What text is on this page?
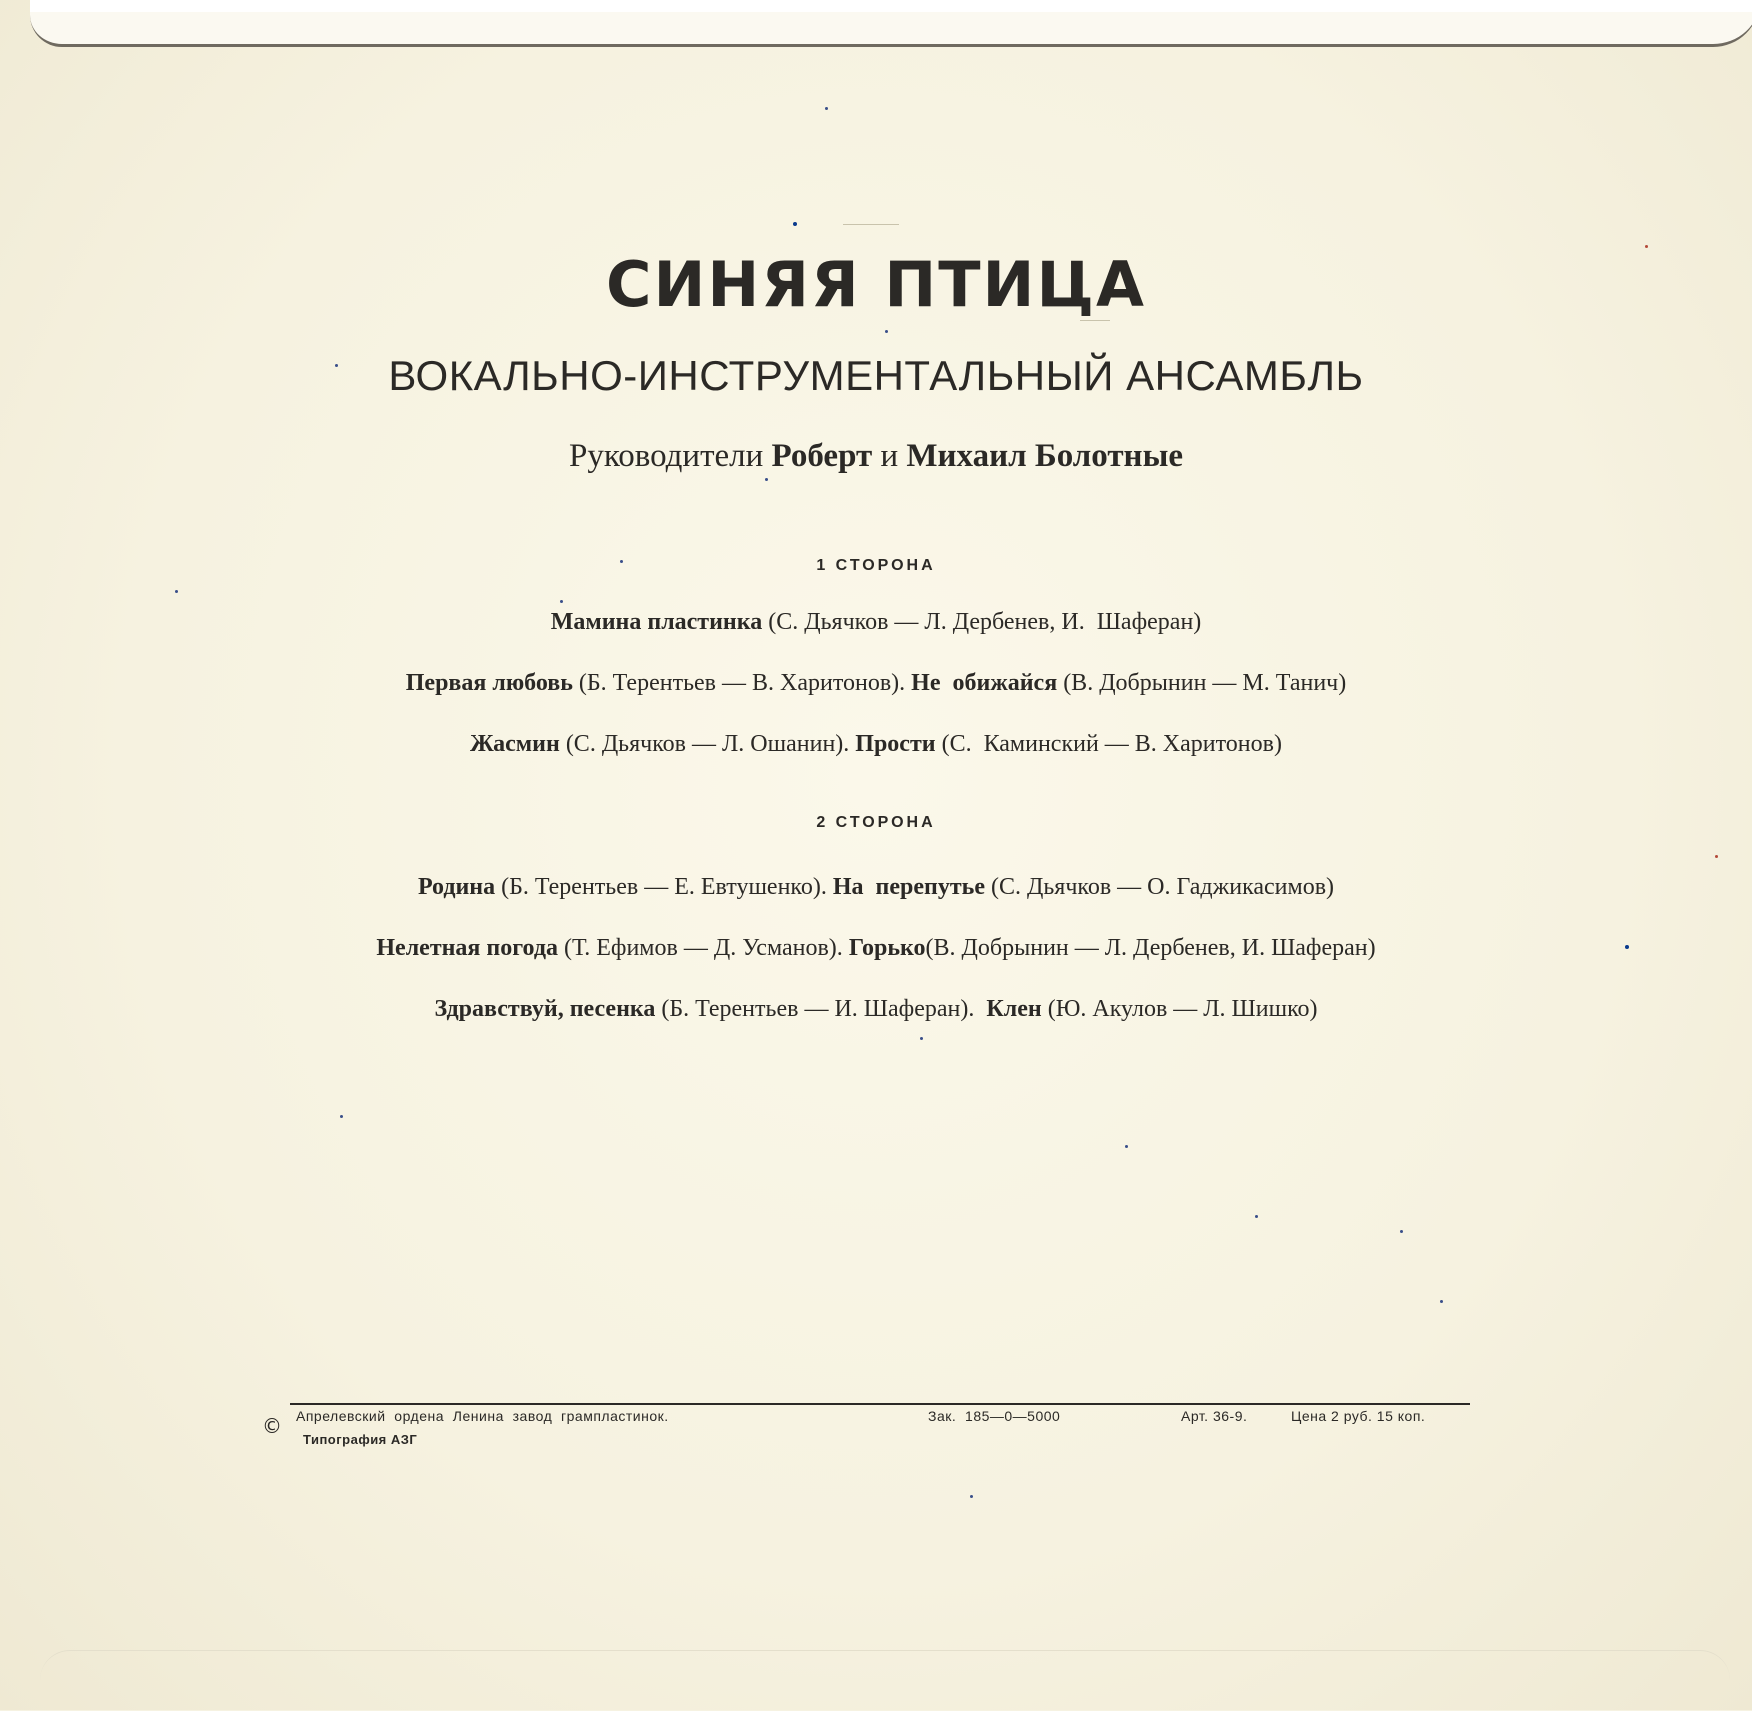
СИНЯЯ ПТИЦА
ВОКАЛЬНО-ИНСТРУМЕНТАЛЬНЫЙ АНСАМБЛЬ
Руководители Роберт и Михаил Болотные
1 СТОРОНА
Мамина пластинка (С. Дьячков — Л. Дербенев, И.  Шаферан)
Первая любовь (Б. Терентьев — В. Харитонов). Не  обижайся (В. Добрынин — М. Танич)
Жасмин (С. Дьячков — Л. Ошанин). Прости (С.  Каминский — В. Харитонов)
2 СТОРОНА
Родина (Б. Терентьев — Е. Евтушенко). На  перепутье (С. Дьячков — О. Гаджикасимов)
Нелетная погода (Т. Ефимов — Д. Усманов). Горько(В. Добрынин — Л. Дербенев, И. Шаферан)
Здравствуй, песенка (Б. Терентьев — И. Шаферан).  Клен (Ю. Акулов — Л. Шишко)
© Апрелевский  ордена  Ленина  завод  грампластинок.
Типография АЗГ
Зак.  185—0—5000	Арт. 36-9.	Цена 2 руб. 15 коп.
